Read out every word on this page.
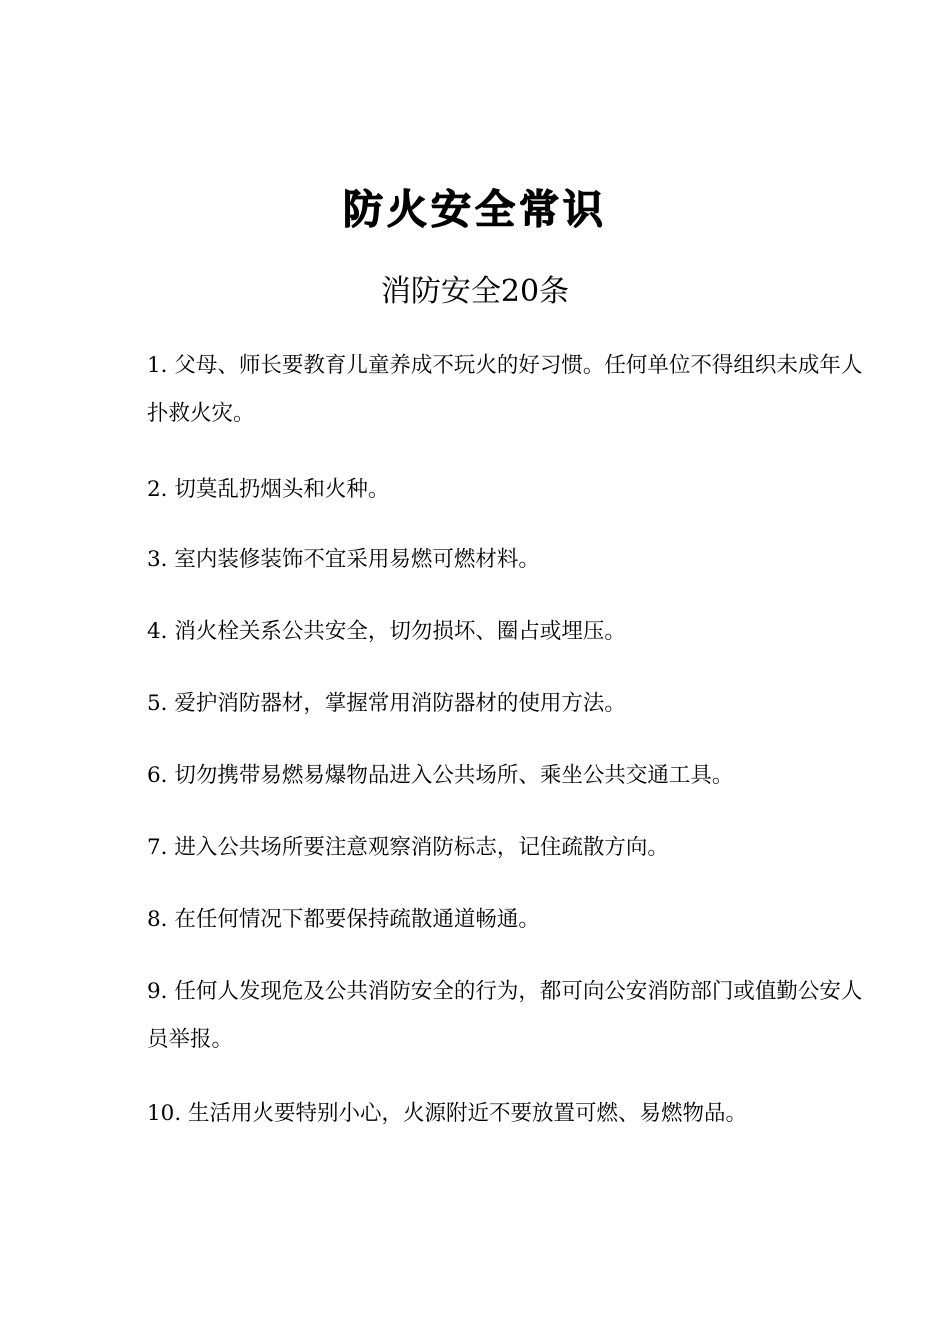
防火安全常识
消防安全20条
1. 父母、师长要教育儿童养成不玩火的好习惯。任何单位不得组织未成年人扑救火灾。
2. 切莫乱扔烟头和火种。
3. 室内装修装饰不宜采用易燃可燃材料。
4. 消火栓关系公共安全，切勿损坏、圈占或埋压。
5. 爱护消防器材，掌握常用消防器材的使用方法。
6. 切勿携带易燃易爆物品进入公共场所、乘坐公共交通工具。
7. 进入公共场所要注意观察消防标志，记住疏散方向。
8. 在任何情况下都要保持疏散通道畅通。
9. 任何人发现危及公共消防安全的行为，都可向公安消防部门或值勤公安人员举报。
10. 生活用火要特别小心，火源附近不要放置可燃、易燃物品。
